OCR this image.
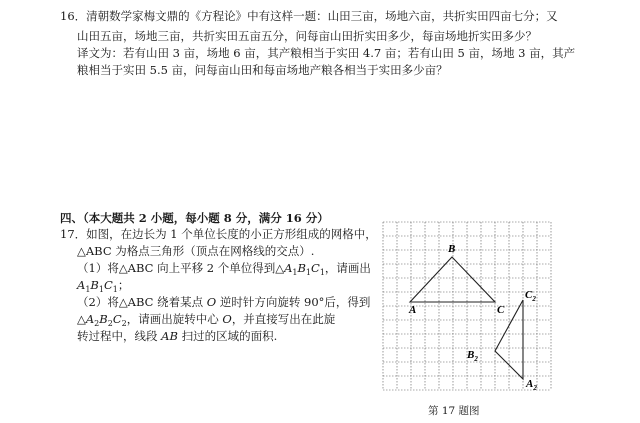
16．清朝数学家梅文鼎的《方程论》中有这样一题：山田三亩，场地六亩，共折实田四亩七分；又
山田五亩，场地三亩，共折实田五亩五分，问每亩山田折实田多少，每亩场地折实田多少？
译文为：若有山田 3 亩，场地 6 亩，其产粮相当于实田 4.7 亩；若有山田 5 亩，场地 3 亩，其产
粮相当于实田 5.5 亩，问每亩山田和每亩场地产粮各相当于实田多少亩？
四、（本大题共 2 小题，每小题 8 分，满分 16 分）
17．如图，在边长为 1 个单位长度的小正方形组成的网格中，
△ABC 为格点三角形（顶点在网格线的交点）.
（1）将△ABC 向上平移 2 个单位得到$\triangle A_1B_1C_1$，请画出
$A_1B_1C_1$；
（2）将△ABC 绕着某点 O 逆时针方向旋转 90°后，得到
$\triangle A_2B_2C_2$，请画出旋转中心 O，并直接写出在此旋
转过程中，线段 AB 扫过的区域的面积.
B
A	C
$C_2$
$B_2$
$A_2$
第 17 题图
